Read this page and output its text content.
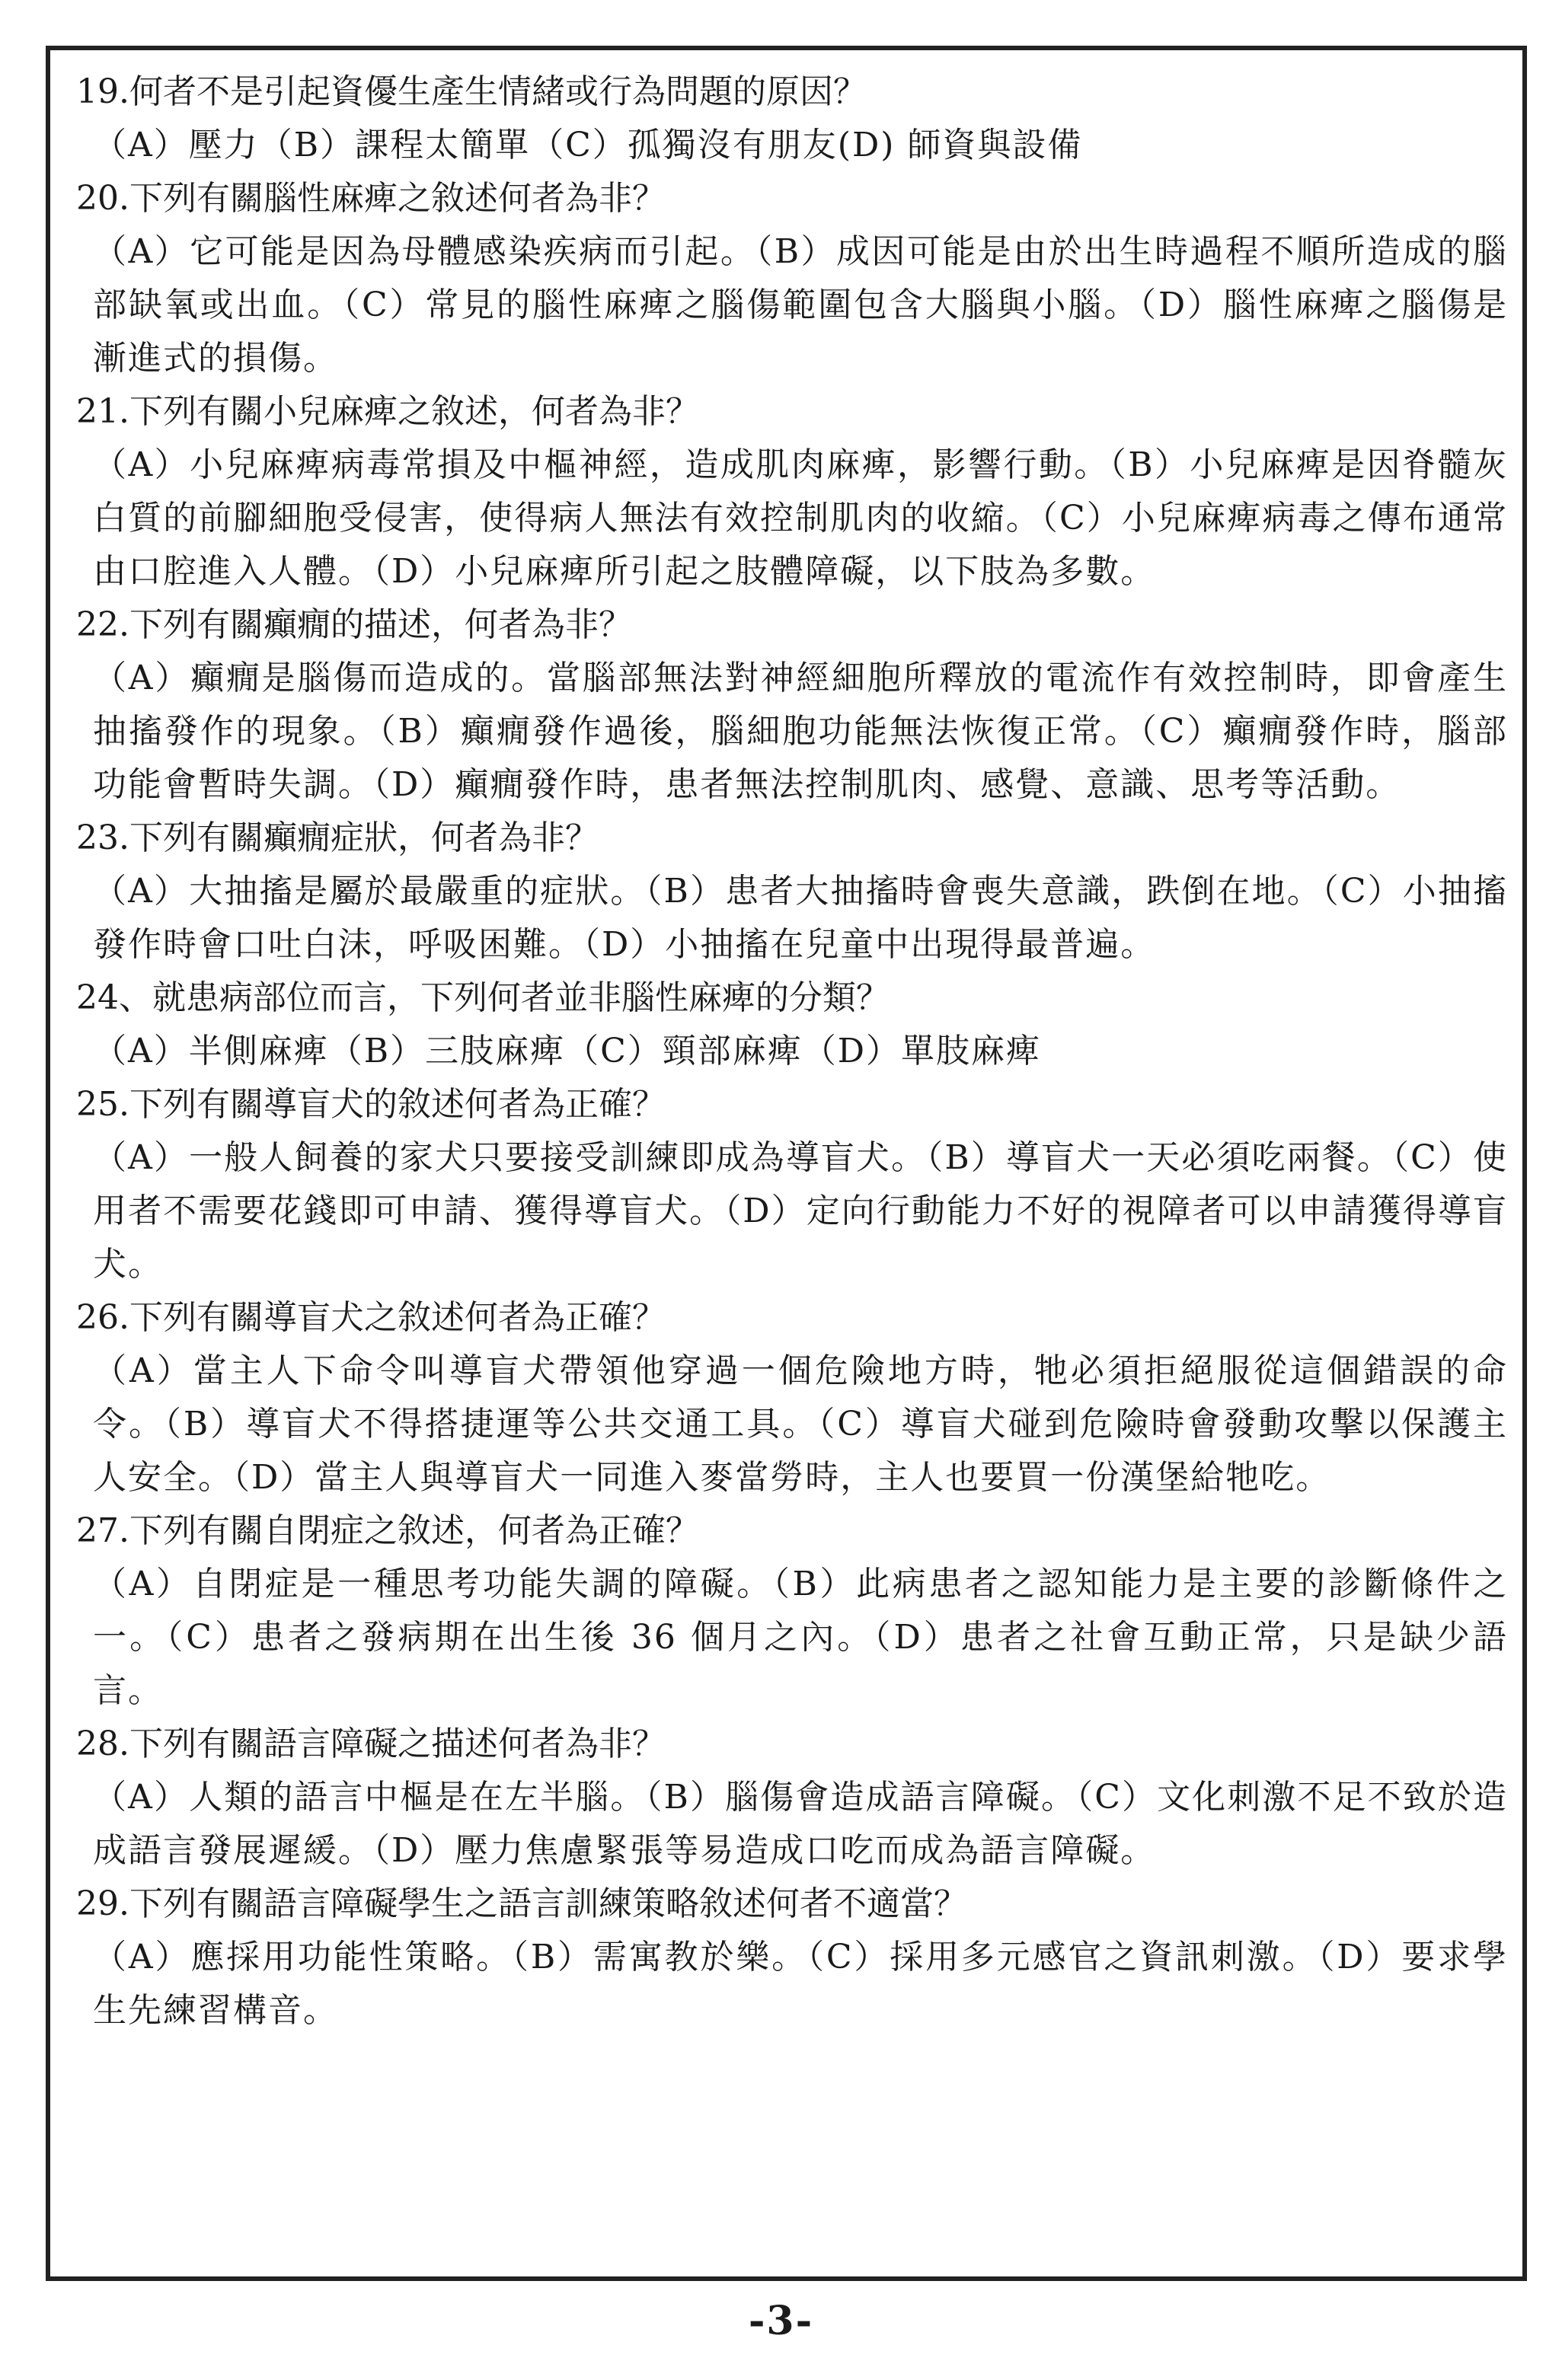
19.何者不是引起資優生產生情緒或行為問題的原因？

（A）壓力（B）課程太簡單（C）孤獨沒有朋友(D) 師資與設備

20.下列有關腦性麻痺之敘述何者為非？

（A）它可能是因為母體感染疾病而引起。（B）成因可能是由於出生時過程不順所造成的腦部缺氧或出血。（C）常見的腦性麻痺之腦傷範圍包含大腦與小腦。（D）腦性麻痺之腦傷是漸進式的損傷。

21.下列有關小兒麻痺之敘述，何者為非？

（A）小兒麻痺病毒常損及中樞神經，造成肌肉麻痺，影響行動。（B）小兒麻痺是因脊髓灰白質的前腳細胞受侵害，使得病人無法有效控制肌肉的收縮。（C）小兒麻痺病毒之傳布通常由口腔進入人體。（D）小兒麻痺所引起之肢體障礙，以下肢為多數。

22.下列有關癲癇的描述，何者為非？

（A）癲癇是腦傷而造成的。當腦部無法對神經細胞所釋放的電流作有效控制時，即會產生抽搐發作的現象。（B）癲癇發作過後，腦細胞功能無法恢復正常。（C）癲癇發作時，腦部功能會暫時失調。（D）癲癇發作時，患者無法控制肌肉、感覺、意識、思考等活動。

23.下列有關癲癇症狀，何者為非？

（A）大抽搐是屬於最嚴重的症狀。（B）患者大抽搐時會喪失意識，跌倒在地。（C）小抽搐發作時會口吐白沫，呼吸困難。（D）小抽搐在兒童中出現得最普遍。

24、就患病部位而言，下列何者並非腦性麻痺的分類？

（A）半側麻痺（B）三肢麻痺（C）頸部麻痺（D）單肢麻痺

25.下列有關導盲犬的敘述何者為正確？

（A）一般人飼養的家犬只要接受訓練即成為導盲犬。（B）導盲犬一天必須吃兩餐。（C）使用者不需要花錢即可申請、獲得導盲犬。（D）定向行動能力不好的視障者可以申請獲得導盲犬。

26.下列有關導盲犬之敘述何者為正確？

（A）當主人下命令叫導盲犬帶領他穿過一個危險地方時，牠必須拒絕服從這個錯誤的命令。（B）導盲犬不得搭捷運等公共交通工具。（C）導盲犬碰到危險時會發動攻擊以保護主人安全。（D）當主人與導盲犬一同進入麥當勞時，主人也要買一份漢堡給牠吃。

27.下列有關自閉症之敘述，何者為正確？

（A）自閉症是一種思考功能失調的障礙。（B）此病患者之認知能力是主要的診斷條件之一。（C）患者之發病期在出生後 36 個月之內。（D）患者之社會互動正常，只是缺少語言。

28.下列有關語言障礙之描述何者為非？

（A）人類的語言中樞是在左半腦。（B）腦傷會造成語言障礙。（C）文化刺激不足不致於造成語言發展遲緩。（D）壓力焦慮緊張等易造成口吃而成為語言障礙。

29.下列有關語言障礙學生之語言訓練策略敘述何者不適當？

（A）應採用功能性策略。（B）需寓教於樂。（C）採用多元感官之資訊刺激。（D）要求學生先練習構音。

-3-
